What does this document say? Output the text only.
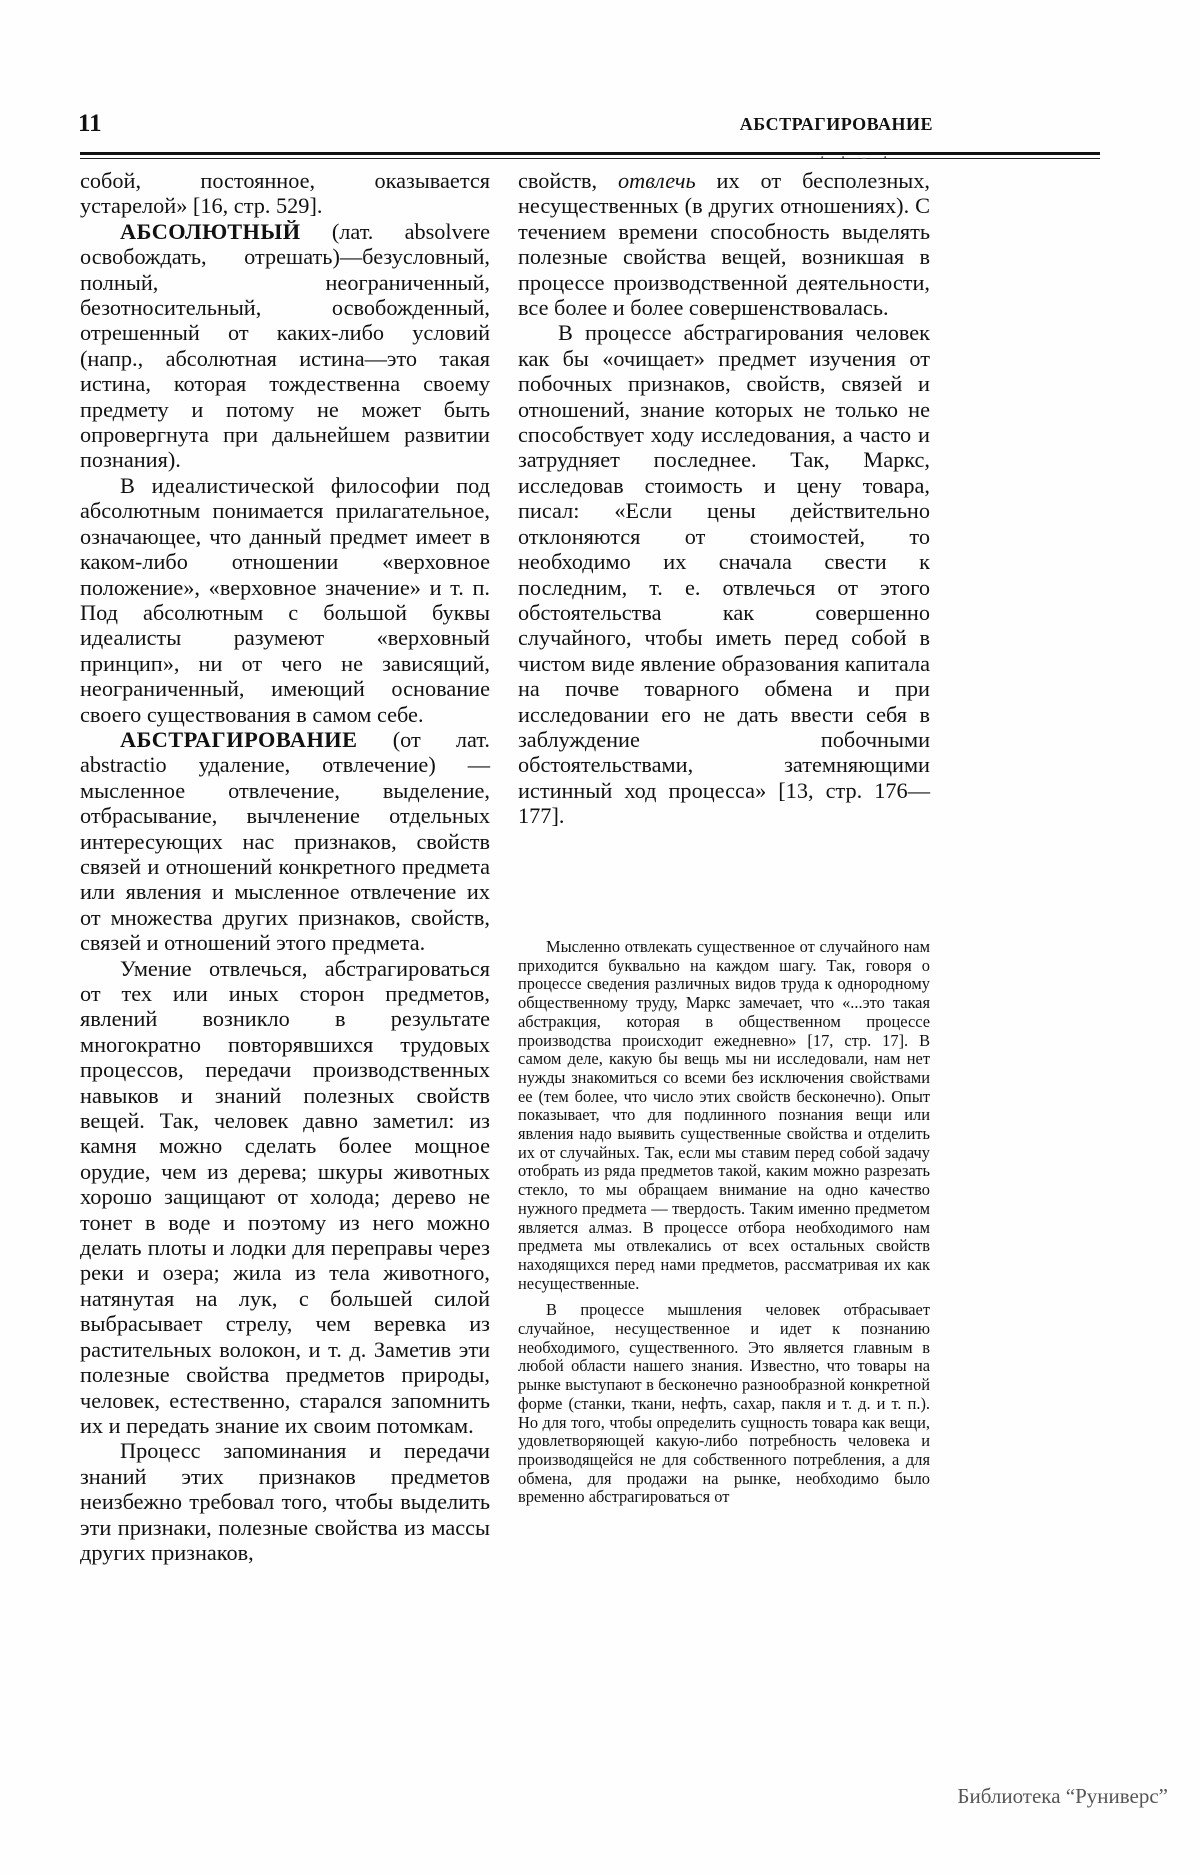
11	АБСТРАГИРОВАНИЕ

собой, постоянное, оказывается устарелой» [16, стр. 529].

АБСОЛЮТНЫЙ (лат. absolvere освобождать, отрешать)—безусловный, полный, неограниченный, безотносительный, освобожденный, отрешенный от каких-либо условий (напр., абсолютная истина—это такая истина, которая тождественна своему предмету и потому не может быть опровергнута при дальнейшем развитии познания).

В идеалистической философии под абсолютным понимается прилагательное, означающее, что данный предмет имеет в каком-либо отношении «верховное положение», «верховное значение» и т. п. Под абсолютным с большой буквы идеалисты разумеют «верховный принцип», ни от чего не зависящий, неограниченный, имеющий основание своего существования в самом себе.

АБСТРАГИРОВАНИЕ (от лат. abstractio удаление, отвлечение) — мысленное отвлечение, выделение, отбрасывание, вычленение отдельных интересующих нас признаков, свойств связей и отношений конкретного предмета или явления и мысленное отвлечение их от множества других признаков, свойств, связей и отношений этого предмета.

Умение отвлечься, абстрагироваться от тех или иных сторон предметов, явлений возникло в результате многократно повторявшихся трудовых процессов, передачи производственных навыков и знаний полезных свойств вещей. Так, человек давно заметил: из камня можно сделать более мощное орудие, чем из дерева; шкуры животных хорошо защищают от холода; дерево не тонет в воде и поэтому из него можно делать плоты и лодки для переправы через реки и озера; жила из тела животного, натянутая на лук, с большей силой выбрасывает стрелу, чем веревка из растительных волокон, и т. д. Заметив эти полезные свойства предметов природы, человек, естественно, старался запомнить их и передать знание их своим потомкам.

Процесс запоминания и передачи знаний этих признаков предметов неизбежно требовал того, чтобы выделить эти признаки, полезные свойства из массы других признаков,

· · - ·

свойств, отвлечь их от бесполезных, несущественных (в других отношениях). С течением времени способность выделять полезные свойства вещей, возникшая в процессе производственной деятельности, все более и более совершенствовалась.

В процессе абстрагирования человек как бы «очищает» предмет изучения от побочных признаков, свойств, связей и отношений, знание которых не только не способствует ходу исследования, а часто и затрудняет последнее. Так, Маркс, исследовав стоимость и цену товара, писал: «Если цены действительно отклоняются от стоимостей, то необходимо их сначала свести к последним, т. е. отвлечься от этого обстоятельства как совершенно случайного, чтобы иметь перед собой в чистом виде явление образования капитала на почве товарного обмена и при исследовании его не дать ввести себя в заблуждение побочными обстоятельствами, затемняющими истинный ход процесса» [13, стр. 176—177].

Мысленно отвлекать существенное от случайного нам приходится буквально на каждом шагу. Так, говоря о процессе сведения различных видов труда к однородному общественному труду, Маркс замечает, что «...это такая абстракция, которая в общественном процессе производства происходит ежедневно» [17, стр. 17]. В самом деле, какую бы вещь мы ни исследовали, нам нет нужды знакомиться со всеми без исключения свойствами ее (тем более, что число этих свойств бесконечно). Опыт показывает, что для подлинного познания вещи или явления надо выявить существенные свойства и отделить их от случайных. Так, если мы ставим перед собой задачу отобрать из ряда предметов такой, каким можно разрезать стекло, то мы обращаем внимание на одно качество нужного предмета — твердость. Таким именно предметом является алмаз. В процессе отбора необходимого нам предмета мы отвлекались от всех остальных свойств находящихся перед нами предметов, рассматривая их как несущественные.

В процессе мышления человек отбрасывает случайное, несущественное и идет к познанию необходимого, существенного. Это является главным в любой области нашего знания. Известно, что товары на рынке выступают в бесконечно разнообразной конкретной форме (станки, ткани, нефть, сахар, пакля и т. д. и т. п.). Но для того, чтобы определить сущность товара как вещи, удовлетворяющей какую-либо потребность человека и производящейся не для собственного потребления, а для обмена, для продажи на рынке, необходимо было временно абстрагироваться от

Библиотека “Руниверс”
